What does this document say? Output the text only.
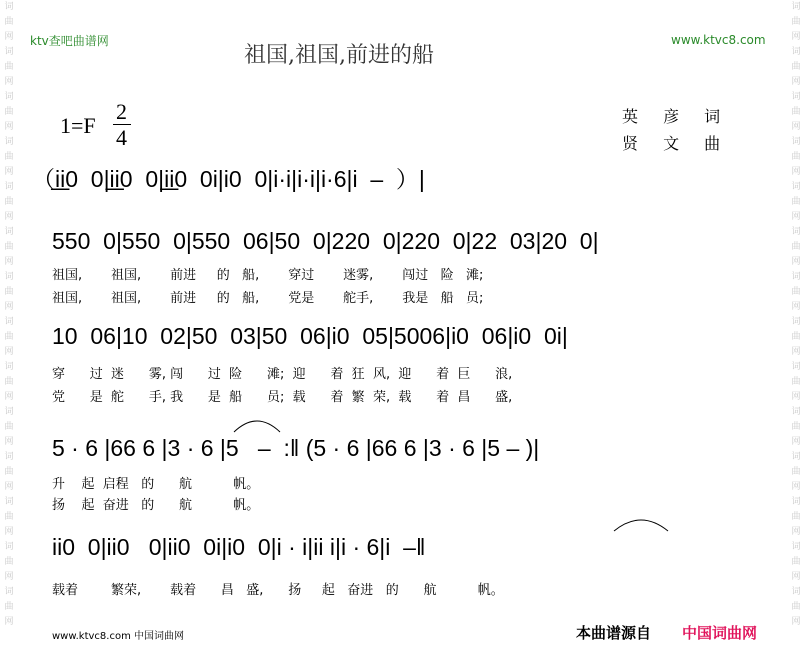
词
曲
网
词
曲
网
词
曲
网
词
曲
网
词
曲
网
词
曲
网
词
曲
网
词
曲
网
词
曲
网
词
曲
网
词
曲
网
词
曲
网
词
曲
网
词
曲
网
词
曲
网
词
曲
网
词
曲
网
词
曲
网
词
曲
网
词
曲
网
词
曲
网
词
曲
网
词
曲
网
词
曲
网
词
曲
网
词
曲
网
词
曲
网
词
曲
网
ktv查吧曲谱网	www.ktvc8.com
祖国,祖国,前进的船
1=F
2
4
英 彦 词
贤 文 曲
（i̲i̲0  0|i̲i̲0  0|i̲i̲0  0i|i0  0|i·i|i·i|i·6|i  –  ）|
550  0|550  0|550  06|50  0|220  0|220  0|22  03|20  0|
祖国,       祖国,       前进     的   船,       穿过       迷雾,       闯过   险   滩;
祖国,       祖国,       前进     的   船,       党是       舵手,       我是   船   员;
10  06|10  02|50  03|50  06|i0  05|5006|i0  06|i0  0i|
穿      过  迷      雾, 闯      过  险      滩;  迎      着  狂  风,  迎      着  巨      浪,
党      是  舵      手, 我      是  船      员;  载      着  繁  荣,  载      着  昌      盛,
5 · 6 |66 6 |3 · 6 |5   –  :‖ (5 · 6 |66 6 |3 · 6 |5 – )|
升    起  启程   的      航          帆。
扬    起  奋进   的      航          帆。
ii0  0|ii0   0|ii0  0i|i0  0|i · i|ii i|i · 6|i  –‖
载着        繁荣,       载着      昌   盛,      扬     起   奋进   的      航          帆。
www.ktvc8.com 中国词曲网	本曲谱源自 中国词曲网
